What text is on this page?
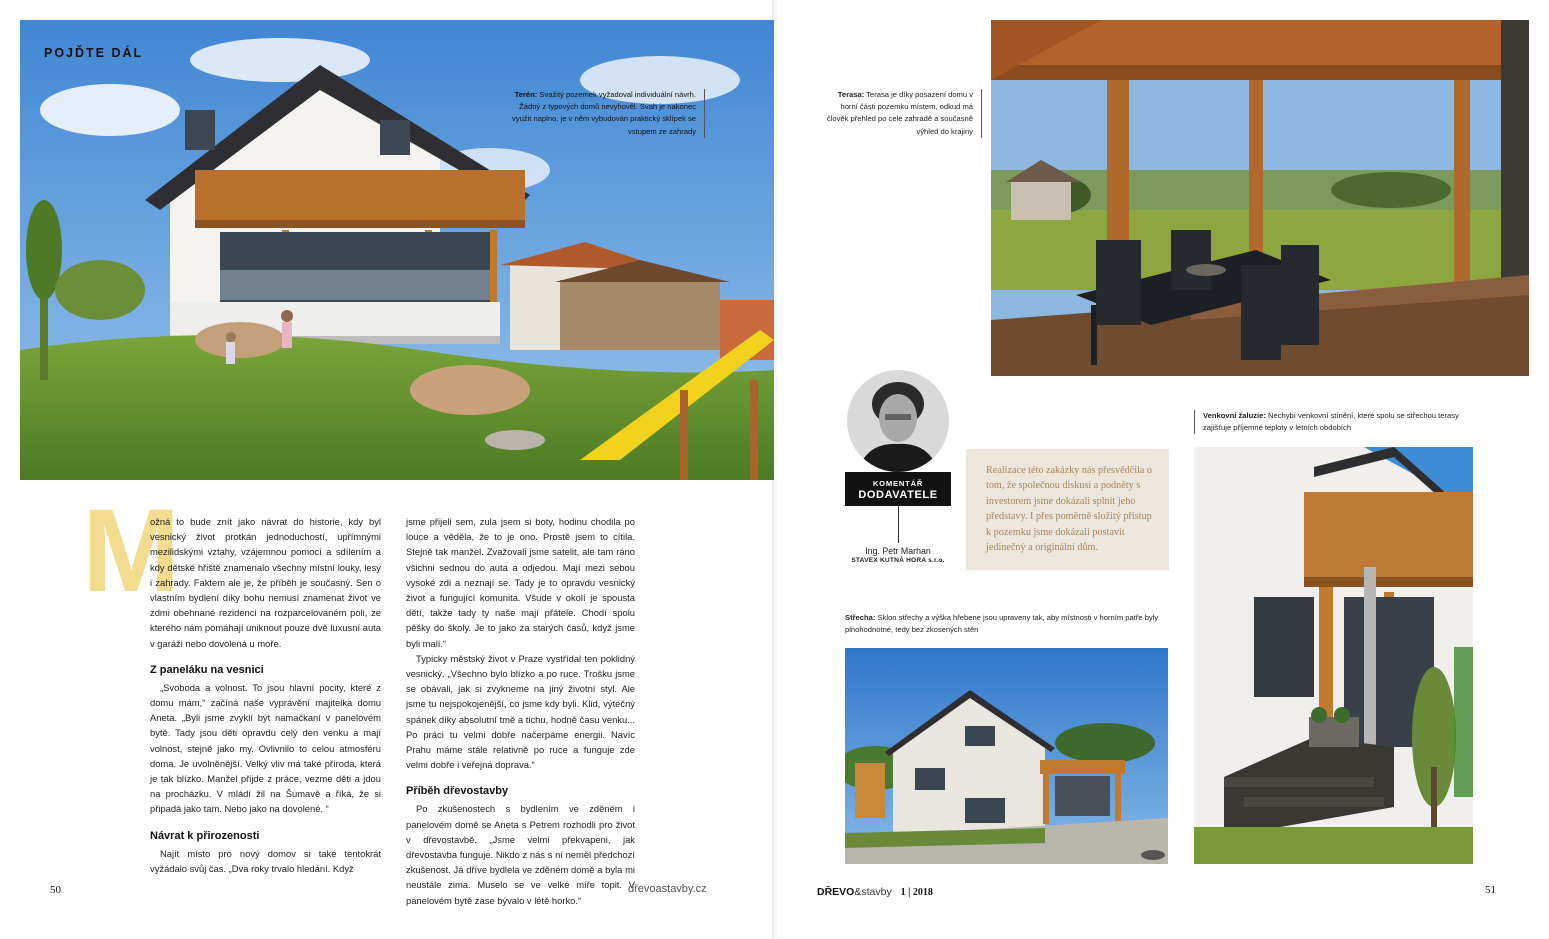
POJĎTE DÁL
Terén: Svažitý pozemek vyžadoval individuální návrh. Žádný z typových domů nevyhověl. Svah je nakonec využit naplno, je v něm vybudován praktický sklípek se vstupem ze zahrady
M

ožná to bude znít jako návrat do historie, kdy byl vesnický život protkán jednoduchostí, upřímnými mezilidskými vztahy, vzájemnou pomocí a sdílením a kdy dětské hřiště znamenalo všechny místní louky, lesy i zahrady. Faktem ale je, že příběh je současný. Sen o vlastním bydlení díky bohu nemusí znamenat život ve zdmi obehnané rezidenci na rozparcelovaném poli, ze kterého nám pomáhají uniknout pouze dvě luxusní auta v garáži nebo dovolená u moře.

Z paneláku na vesnici

„Svoboda a volnost. To jsou hlavní pocity, které z domu mám,“ začíná naše vyprávění majitelka domu Aneta. „Byli jsme zvyklí být namačkaní v panelovém bytě. Tady jsou děti opravdu celý den venku a mají volnost, stejně jako my. Ovlivnilo to celou atmosféru doma. Je uvolněnější. Velký vliv má také příroda, která je tak blízko. Manžel přijde z práce, vezme děti a jdou na procházku. V mládí žil na Šumavě a říká, že si připadá jako tam. Nebo jako na dovolené. “

Návrat k přirozenosti

Najít místo pro nový domov si také tentokrát vyžádalo svůj čas. „Dva roky trvalo hledání. Když

jsme přijeli sem, zula jsem si boty, hodinu chodila po louce a věděla, že to je ono. Prostě jsem to cítila. Stejně tak manžel. Zvažovali jsme satelit, ale tam ráno všichni sednou do auta a odjedou. Mají mezi sebou vysoké zdi a neznají se. Tady je to opravdu vesnický život a fungující komunita. Všude v okolí je spousta dětí, takže tady ty naše mají přátele. Chodí spolu pěšky do školy. Je to jako za starých časů, když jsme byli malí.“

Typicky městský život v Praze vystřídal ten poklidný vesnický. „Všechno bylo blízko a po ruce. Trošku jsme se obávali, jak si zvykneme na jiný životní styl. Ale jsme tu nejspokojenější, co jsme kdy byli. Klid, výtečný spánek díky absolutní tmě a tichu, hodně času venku... Po práci tu velmi dobře načerpáme energii. Navíc Prahu máme stále relativně po ruce a funguje zde velmi dobře i veřejná doprava.“

Příběh dřevostavby

Po zkušenostech s bydlením ve zděném i panelovém domě se Aneta s Petrem rozhodli pro život v dřevostavbě. „Jsme velmi překvapeni, jak dřevostavba funguje. Nikdo z nás s ní neměl předchozí zkušenost. Já dříve bydlela ve zděném domě a byla mi neustále zima. Muselo se ve velké míře topit. V panelovém bytě zase bývalo v létě horko.“

50	dřevoastavby.cz
Terasa: Terasa je díky posazení domu v horní části pozemku místem, odkud má člověk přehled po celé zahradě a současně výhled do krajiny
KOMENTÁŘ
DODAVATELE
Ing. Petr Marhan
STAVEX KUTNÁ HORA s.r.o.
Realizace této zakázky nás přesvědčila o tom, že společnou diskusí a podněty s investorem jsme dokázali splnit jeho představy. I přes poměrně složitý přístup k pozemku jsme dokázali postavit jedinečný a originální dům.
Venkovní žaluzie: Nechybí venkovní stínění, které spolu se střechou terasy zajišťuje příjemné teploty v letních obdobích
Střecha: Sklon střechy a výška hřebene jsou upraveny tak, aby místnosti v horním patře byly plnohodnotné, tedy bez zkosených stěn
DŘEVO&stavby 1 | 2018	51
